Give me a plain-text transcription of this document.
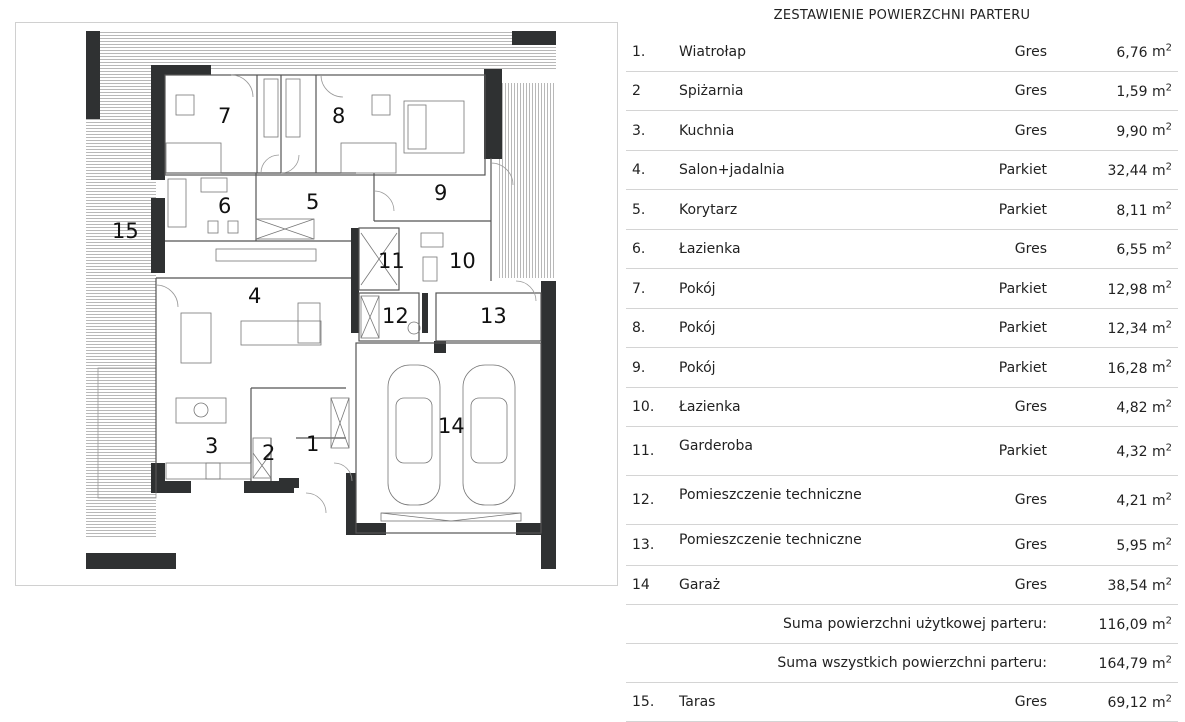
7	8
9
6	5
15
11 10
4
12	13
14
3 2 1
ZESTAWIENIE POWIERZCHNI PARTERU
1. Wiatrołap	Gres	6,76 $m^2$
2	Spiżarnia	Gres	1,59 $m^2$
3. Kuchnia	Gres	9,90 $m^2$
4. Salon+jadalnia	Parkiet	32,44 $m^2$
5. Korytarz	Parkiet	8,11 $m^2$
6. Łazienka	Gres	6,55 $m^2$
7. Pokój	Parkiet	12,98 $m^2$
8. Pokój	Parkiet	12,34 $m^2$
9. Pokój	Parkiet	16,28 $m^2$
10. Łazienka	Gres	4,82 $m^2$
11. Garderoba	Parkiet	4,32 $m^2$
12. Pomieszczenie techniczne	Gres	4,21 $m^2$
13. Pomieszczenie techniczne	Gres	5,95 $m^2$
14 Garaż	Gres	38,54 $m^2$
Suma powierzchni użytkowej parteru:	116,09 $m^2$
Suma wszystkich powierzchni parteru:	164,79 $m^2$
15. Taras	Gres	69,12 $m^2$
